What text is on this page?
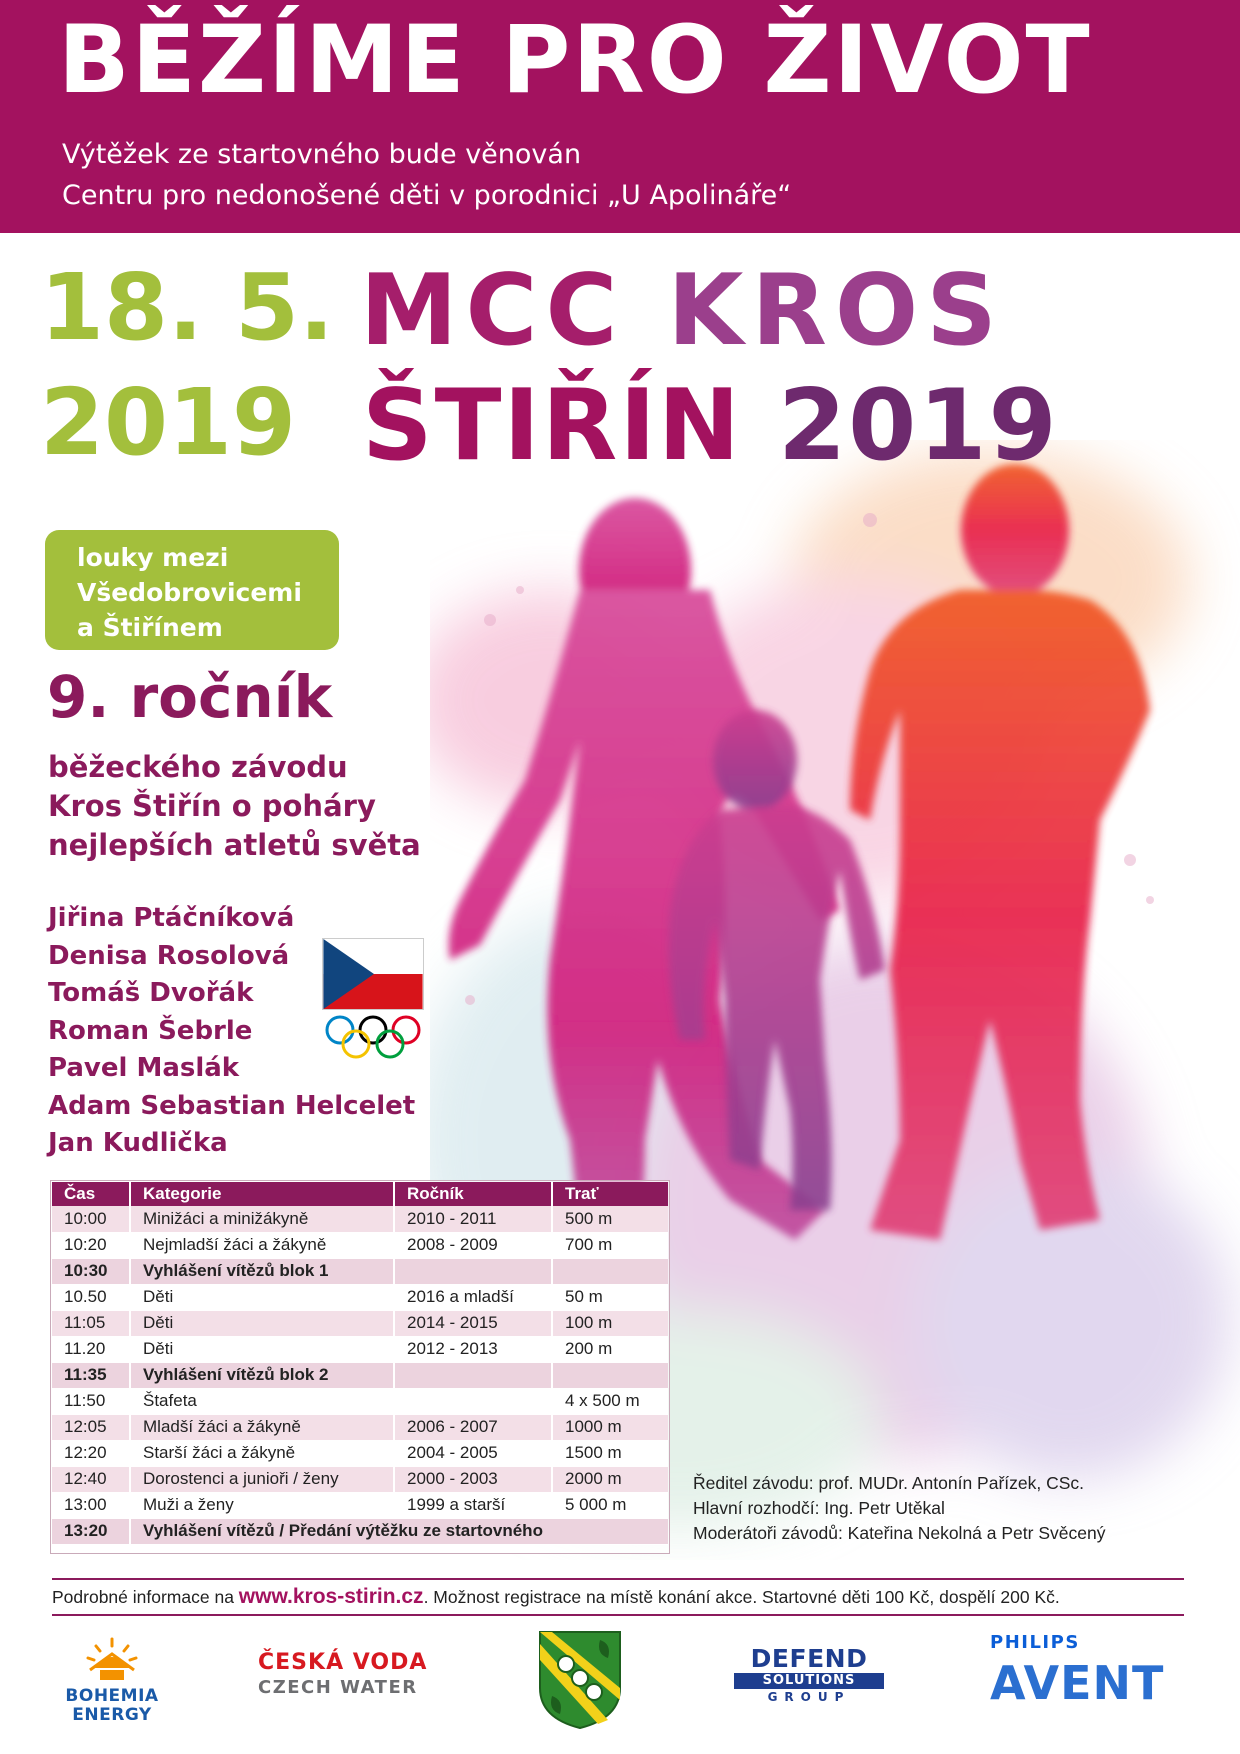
BĚŽÍME PRO ŽIVOT
Výtěžek ze startovného bude věnován
Centru pro nedonošené děti v porodnici „U Apolináře“
18. 5.
2019
MCC KROS
ŠTIŘÍN 2019
louky mezi
Všedobrovicemi
a Štiřínem
9. ročník
běžeckého závodu
Kros Štiřín o poháry
nejlepších atletů světa
Jiřina Ptáčníková
Denisa Rosolová
Tomáš Dvořák
Roman Šebrle
Pavel Maslák
Adam Sebastian Helcelet
Jan Kudlička
Čas	Kategorie	Ročník	Trať
10:00	Minižáci a minižákyně	2010 - 2011	500 m
10:20	Nejmladší žáci a žákyně	2008 - 2009	700 m
10:30	Vyhlášení vítězů blok 1		
10.50	Děti	2016 a mladší	50 m
11:05	Děti	2014 - 2015	100 m
11.20	Děti	2012 - 2013	200 m
11:35	Vyhlášení vítězů blok 2		
11:50	Štafeta		4 x 500 m
12:05	Mladší žáci a žákyně	2006 - 2007	1000 m
12:20	Starší žáci a žákyně	2004 - 2005	1500 m
12:40	Dorostenci a junioři / ženy	2000 - 2003	2000 m
13:00	Muži a ženy	1999 a starší	5 000 m
13:20	Vyhlášení vítězů / Předání výtěžku ze startovného		
Ředitel závodu: prof. MUDr. Antonín Pařízek, CSc.
Hlavní rozhodčí: Ing. Petr Utěkal
Moderátoři závodů: Kateřina Nekolná a Petr Svěcený
Podrobné informace na www.kros-stirin.cz. Možnost registrace na místě konání akce. Startovné děti 100 Kč, dospělí 200 Kč.
BOHEMIA
ENERGY
ČESKÁ VODA
CZECH WATER
DEFEND
SOLUTIONS
GROUP
PHILIPS
AVENT
